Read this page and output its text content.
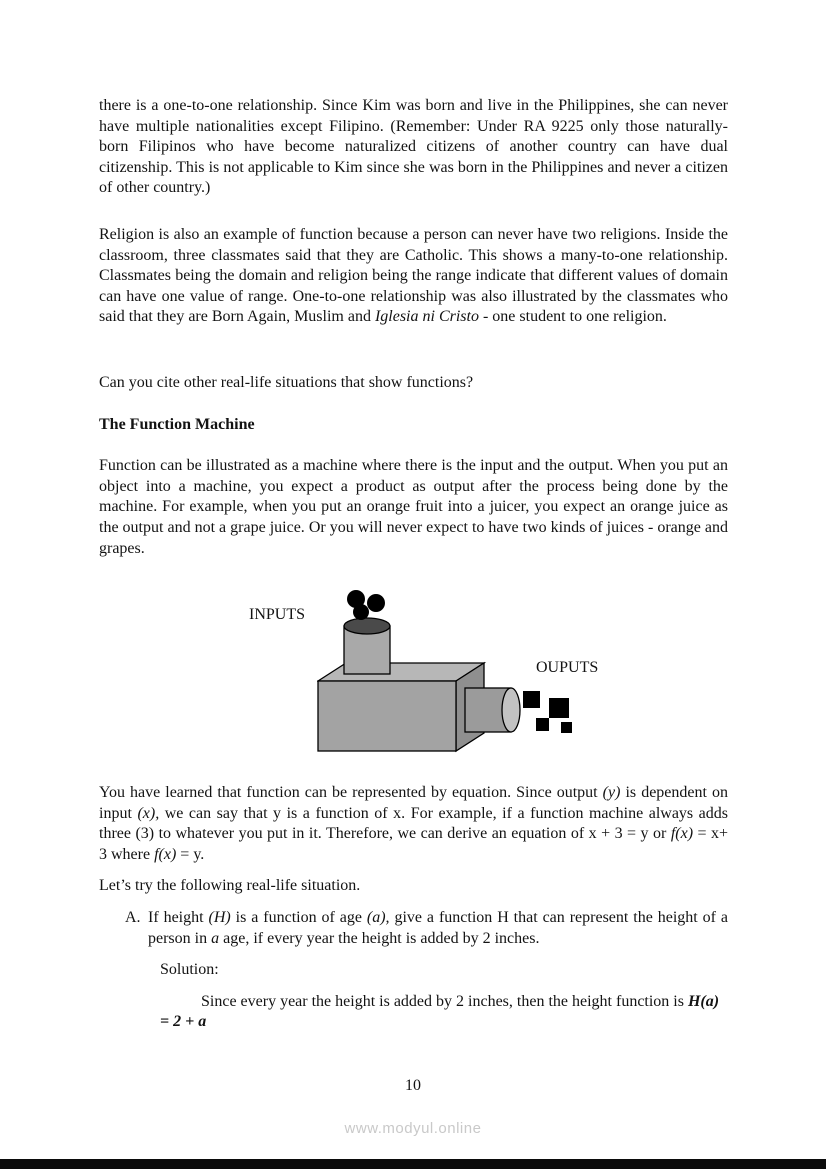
there is a one-to-one relationship. Since Kim was born and live in the Philippines, she can never have multiple nationalities except Filipino. (Remember: Under RA 9225 only those naturally-born Filipinos who have become naturalized citizens of another country can have dual citizenship. This is not applicable to Kim since she was born in the Philippines and never a citizen of other country.)

Religion is also an example of function because a person can never have two religions. Inside the classroom, three classmates said that they are Catholic. This shows a many-to-one relationship. Classmates being the domain and religion being the range indicate that different values of domain can have one value of range. One-to-one relationship was also illustrated by the classmates who said that they are Born Again, Muslim and Iglesia ni Cristo - one student to one religion.

Can you cite other real-life situations that show functions?

The Function Machine

Function can be illustrated as a machine where there is the input and the output. When you put an object into a machine, you expect a product as output after the process being done by the machine. For example, when you put an orange fruit into a juicer, you expect an orange juice as the output and not a grape juice. Or you will never expect to have two kinds of juices - orange and grapes.

INPUTS
OUPUTS

You have learned that function can be represented by equation. Since output (y) is dependent on input (x), we can say that y is a function of x. For example, if a function machine always adds three (3) to whatever you put in it. Therefore, we can derive an equation of x + 3 = y or f(x) = x+ 3 where f(x) = y.

Let’s try the following real-life situation.

A. If height (H) is a function of age (a), give a function H that can represent the height of a person in a age, if every year the height is added by 2 inches.

Solution:

Since every year the height is added by 2 inches, then the height function is H(a) = 2 + a

10
www.modyul.online
